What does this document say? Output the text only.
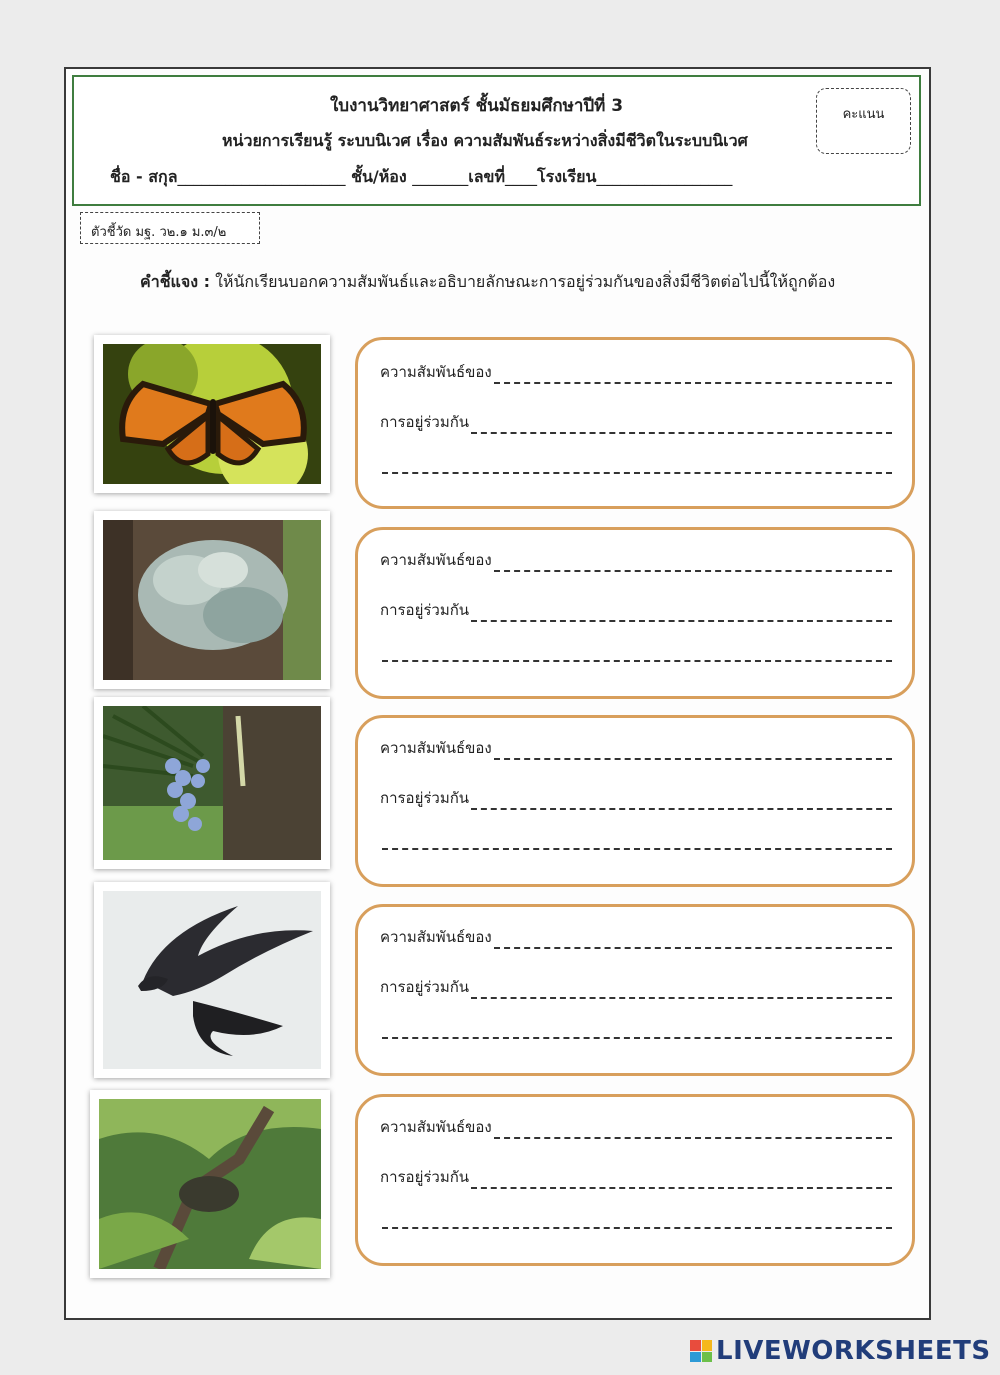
ใบงานวิทยาศาสตร์ ชั้นมัธยมศึกษาปีที่ 3
หน่วยการเรียนรู้ ระบบนิเวศ เรื่อง ความสัมพันธ์ระหว่างสิ่งมีชีวิตในระบบนิเวศ
ชื่อ - สกุล_____________________ ชั้น/ห้อง _______เลขที่____โรงเรียน_________________
คะแนน
ตัวชี้วัด มฐ. ว๒.๑ ม.๓/๒
คำชี้แจง : ให้นักเรียนบอกความสัมพันธ์และอธิบายลักษณะการอยู่ร่วมกันของสิ่งมีชีวิตต่อไปนี้ให้ถูกต้อง
ความสัมพันธ์ของ
การอยู่ร่วมกัน
ความสัมพันธ์ของ
การอยู่ร่วมกัน
ความสัมพันธ์ของ
การอยู่ร่วมกัน
ความสัมพันธ์ของ
การอยู่ร่วมกัน
ความสัมพันธ์ของ
การอยู่ร่วมกัน
LIVEWORKSHEETS
